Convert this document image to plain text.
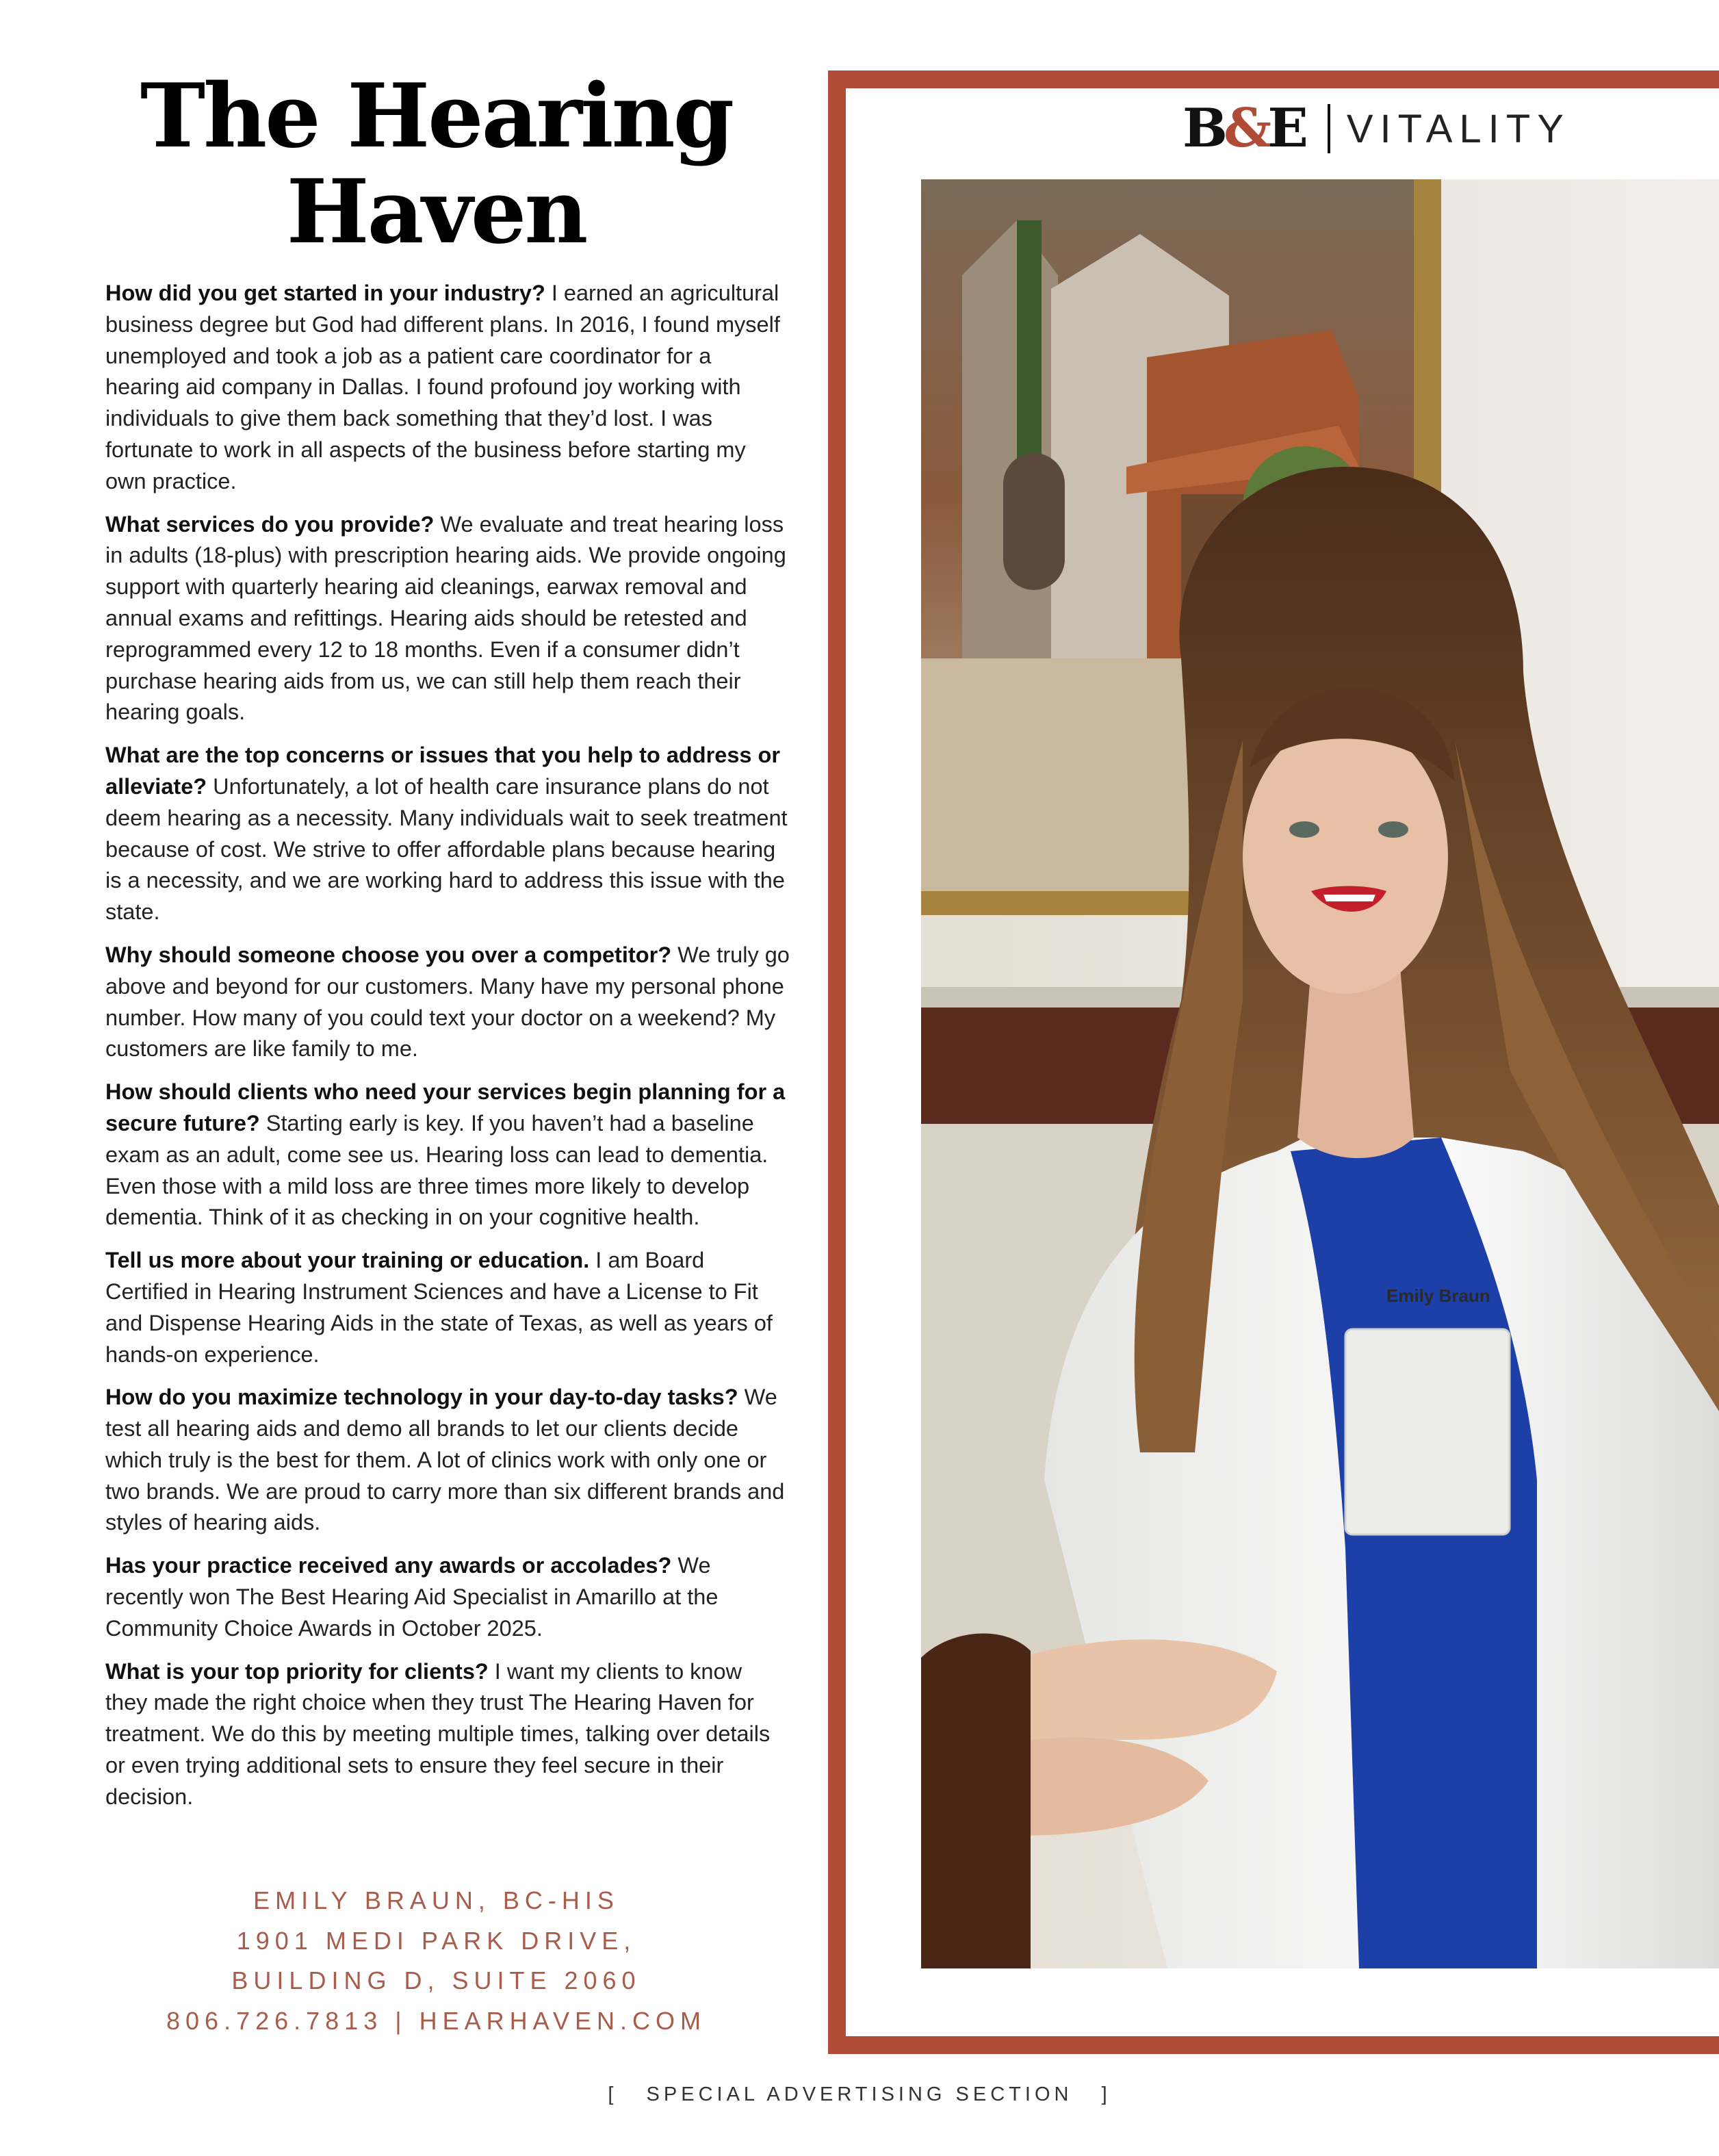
The Hearing
Haven

How did you get started in your industry? I earned an agricultural business degree but God had different plans. In 2016, I found myself unemployed and took a job as a patient care coordinator for a hearing aid company in Dallas. I found profound joy working with individuals to give them back something that they’d lost. I was fortunate to work in all aspects of the business before starting my own practice.

What services do you provide? We evaluate and treat hearing loss in adults (18-plus) with prescription hearing aids. We provide ongoing support with quarterly hearing aid cleanings, earwax removal and annual exams and refittings. Hearing aids should be retested and reprogrammed every 12 to 18 months. Even if a consumer didn’t purchase hearing aids from us, we can still help them reach their hearing goals.

What are the top concerns or issues that you help to address or alleviate? Unfortunately, a lot of health care insurance plans do not deem hearing as a necessity. Many individuals wait to seek treatment because of cost. We strive to offer affordable plans because hearing is a necessity, and we are working hard to address this issue with the state.

Why should someone choose you over a competitor? We truly go above and beyond for our customers. Many have my personal phone number. How many of you could text your doctor on a weekend? My customers are like family to me.

How should clients who need your services begin planning for a secure future? Starting early is key. If you haven’t had a baseline exam as an adult, come see us. Hearing loss can lead to dementia. Even those with a mild loss are three times more likely to develop dementia. Think of it as checking in on your cognitive health.

Tell us more about your training or education. I am Board Certified in Hearing Instrument Sciences and have a License to Fit and Dispense Hearing Aids in the state of Texas, as well as years of hands-on experience.

How do you maximize technology in your day-to-day tasks? We test all hearing aids and demo all brands to let our clients decide which truly is the best for them. A lot of clinics work with only one or two brands. We are proud to carry more than six different brands and styles of hearing aids.

Has your practice received any awards or accolades? We recently won The Best Hearing Aid Specialist in Amarillo at the Community Choice Awards in October 2025.

What is your top priority for clients? I want my clients to know they made the right choice when they trust The Hearing Haven for treatment. We do this by meeting multiple times, talking over details or even trying additional sets to ensure they feel secure in their decision.

EMILY BRAUN, BC-HIS
1901 MEDI PARK DRIVE,
BUILDING D, SUITE 2060
806.726.7813 | HEARHAVEN.COM
B
&
E VITALITY
Emily Braun
[   SPECIAL ADVERTISING SECTION   ]
